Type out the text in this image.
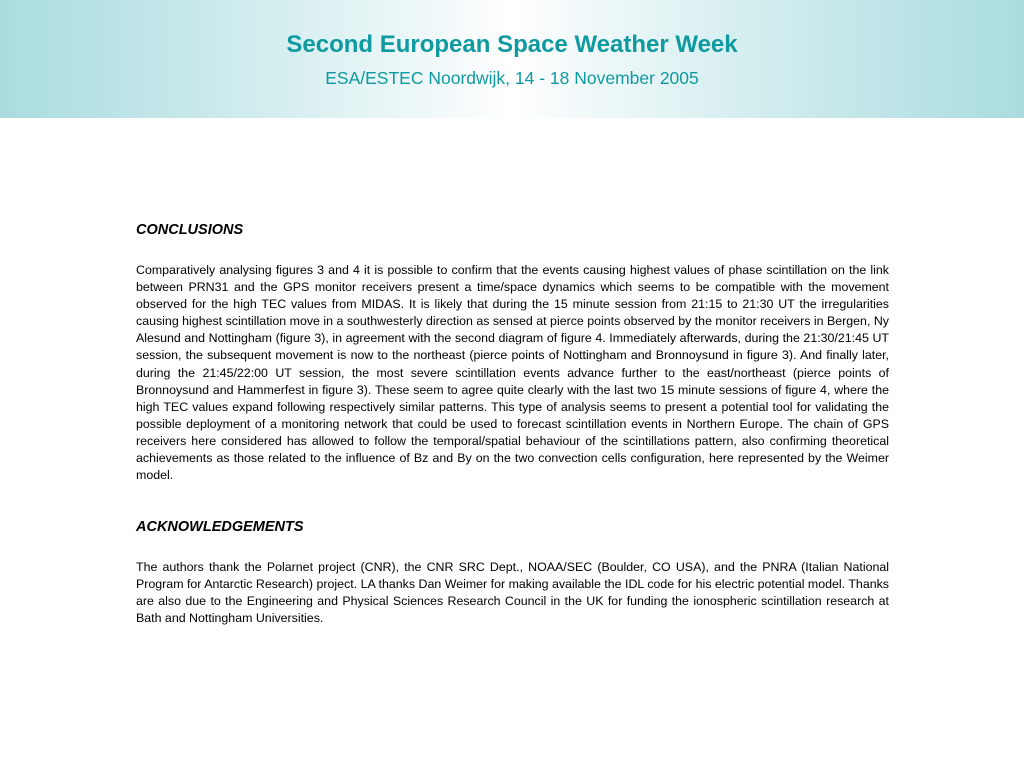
Second European Space Weather Week

ESA/ESTEC Noordwijk, 14 - 18 November 2005

CONCLUSIONS

Comparatively analysing figures 3 and 4 it is possible to confirm that the events causing highest values of phase scintillation on the link between PRN31 and the GPS monitor receivers present a time/space dynamics which seems to be compatible with the movement observed for the high TEC values from MIDAS. It is likely that during the 15 minute session from 21:15 to 21:30 UT the irregularities causing highest scintillation move in a southwesterly direction as sensed at pierce points observed by the monitor receivers in Bergen, Ny Alesund and Nottingham (figure 3), in agreement with the second diagram of figure 4. Immediately afterwards, during the 21:30/21:45 UT session, the subsequent movement is now to the northeast (pierce points of Nottingham and Bronnoysund in figure 3). And finally later, during the 21:45/22:00 UT session, the most severe scintillation events advance further to the east/northeast (pierce points of Bronnoysund and Hammerfest in figure 3). These seem to agree quite clearly with the last two 15 minute sessions of figure 4, where the high TEC values expand following respectively similar patterns. This type of analysis seems to present a potential tool for validating the possible deployment of a monitoring network that could be used to forecast scintillation events in Northern Europe. The chain of GPS receivers here considered has allowed to follow the temporal/spatial behaviour of the scintillations pattern, also confirming theoretical achievements as those related to the influence of Bz and By on the two convection cells configuration, here represented by the Weimer model.

ACKNOWLEDGEMENTS

The authors thank the Polarnet project (CNR), the CNR SRC Dept., NOAA/SEC (Boulder, CO USA), and the PNRA (Italian National Program for Antarctic Research) project. LA thanks Dan Weimer for making available the IDL code for his electric potential model. Thanks are also due to the Engineering and Physical Sciences Research Council in the UK for funding the ionospheric scintillation research at Bath and Nottingham Universities.
